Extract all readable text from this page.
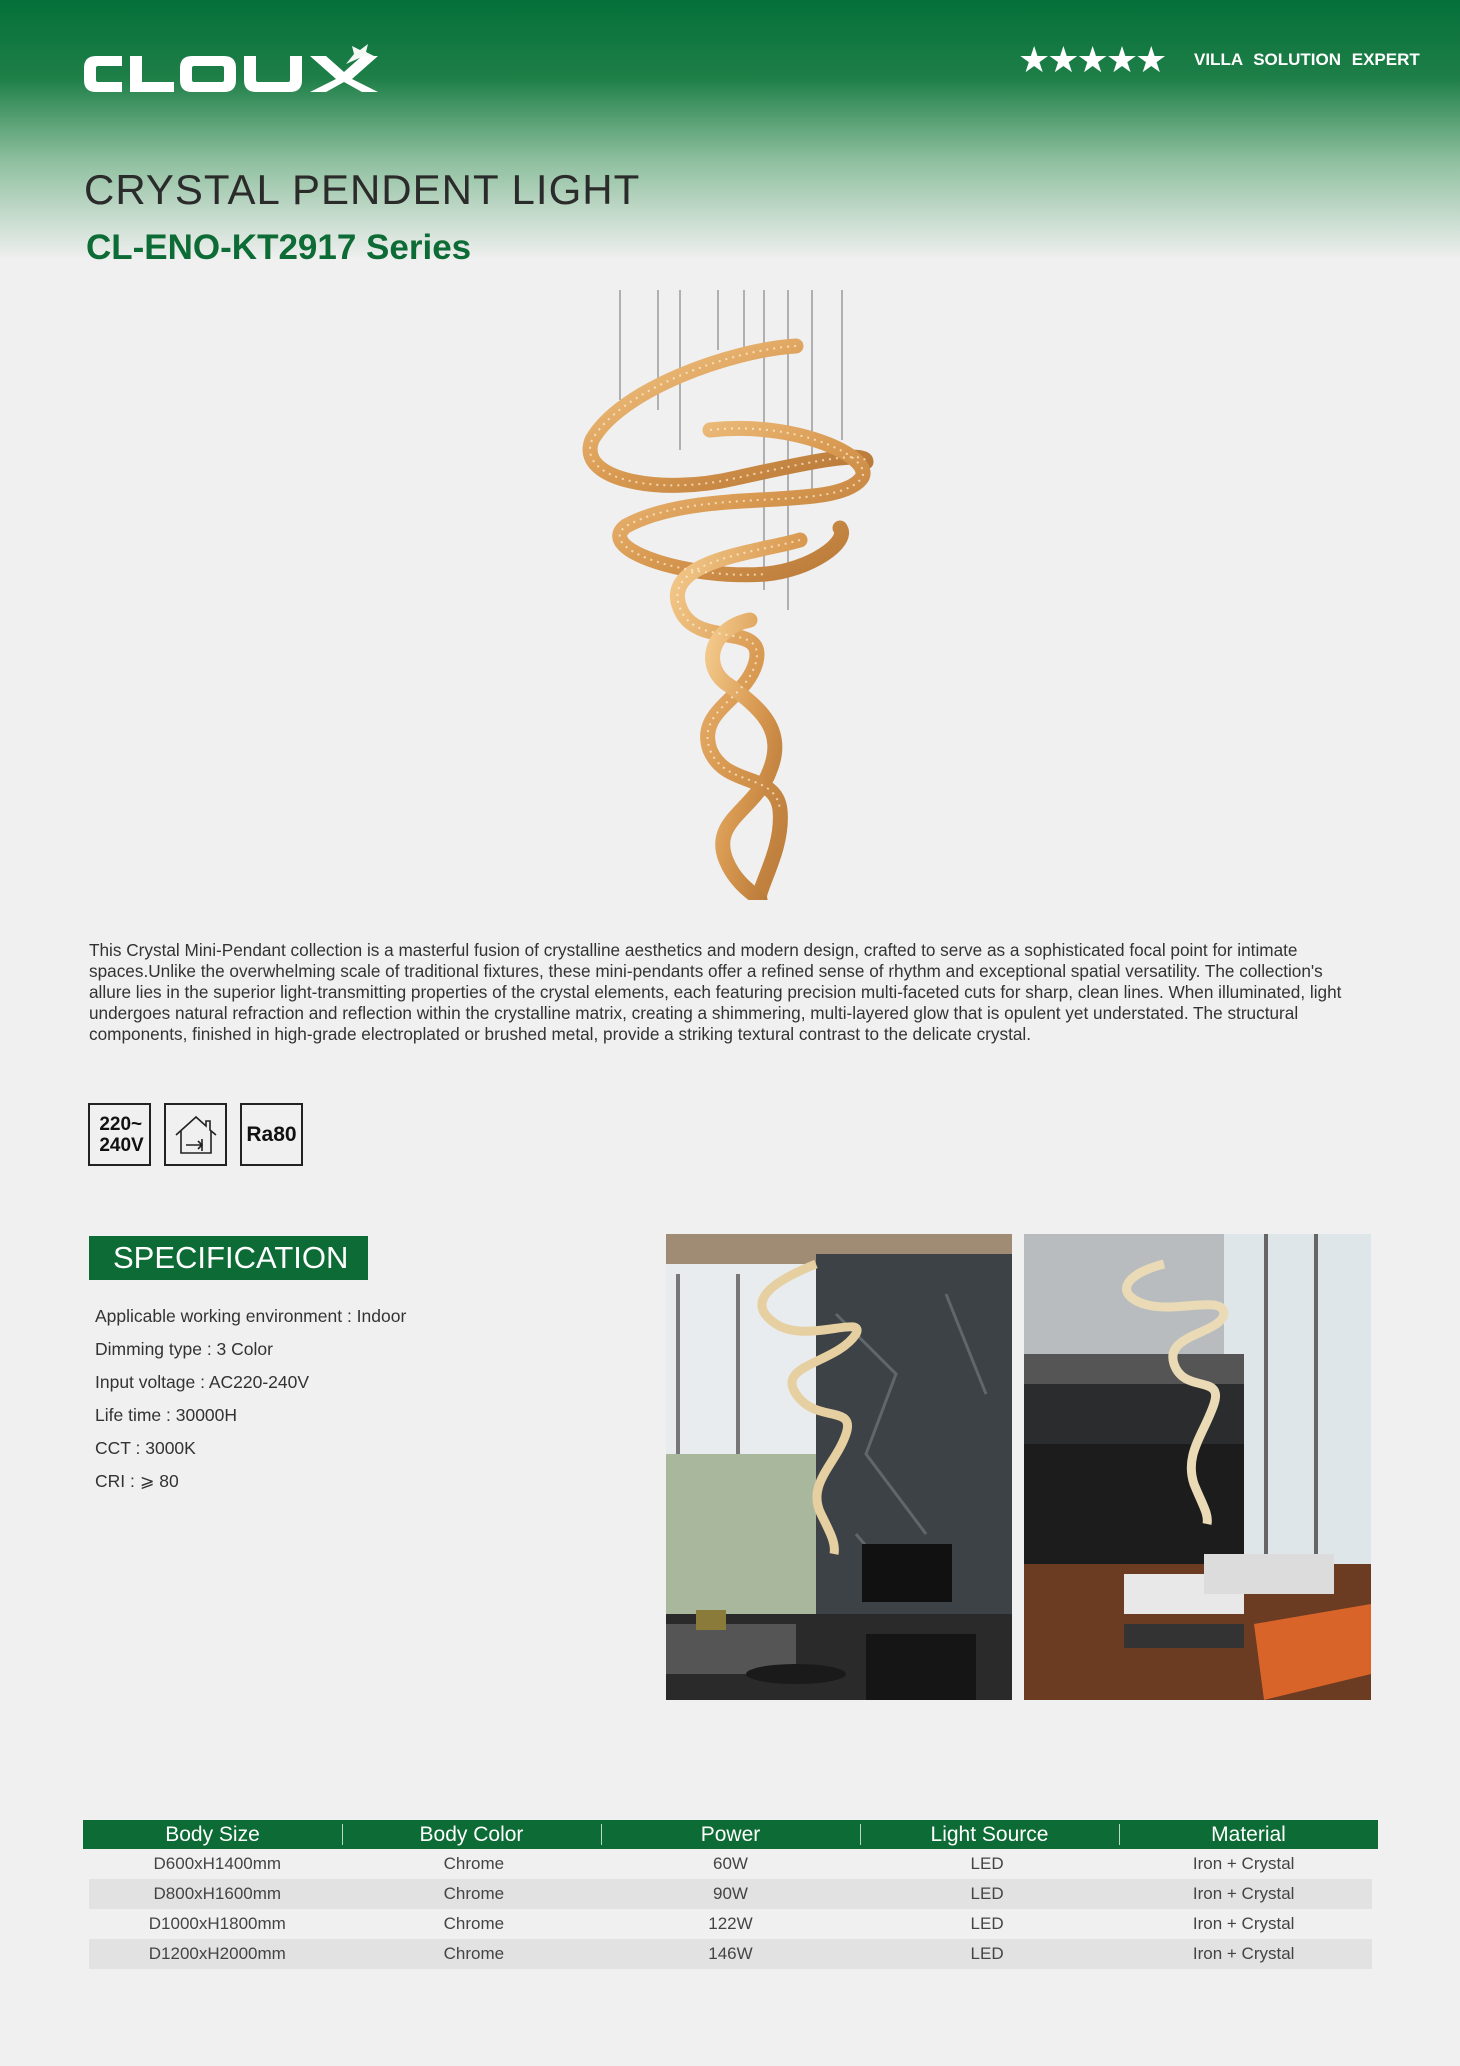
★★★★★ VILLA SOLUTION EXPERT
CRYSTAL PENDENT LIGHT
CL-ENO-KT2917 Series

This Crystal Mini-Pendant collection is a masterful fusion of crystalline aesthetics and modern design, crafted to serve as a sophisticated focal point for intimate spaces.Unlike the overwhelming scale of traditional fixtures, these mini-pendants offer a refined sense of rhythm and exceptional spatial versatility. The collection's allure lies in the superior light-transmitting properties of the crystal elements, each featuring precision multi-faceted cuts for sharp, clean lines. When illuminated, light undergoes natural refraction and reflection within the crystalline matrix, creating a shimmering, multi-layered glow that is opulent yet understated. The structural components, finished in high-grade electroplated or brushed metal, provide a striking textural contrast to the delicate crystal.

220~
240V	Ra80
SPECIFICATION
Applicable working environment : Indoor
Dimming type : 3 Color
Input voltage : AC220-240V
Life time : 30000H
CCT : 3000K
CRI : ⩾ 80
Body Size	Body Color	Power	Light Source	Material
D600xH1400mm	Chrome	60W	LED	Iron + Crystal
D800xH1600mm	Chrome	90W	LED	Iron + Crystal
D1000xH1800mm	Chrome	122W	LED	Iron + Crystal
D1200xH2000mm	Chrome	146W	LED	Iron + Crystal
